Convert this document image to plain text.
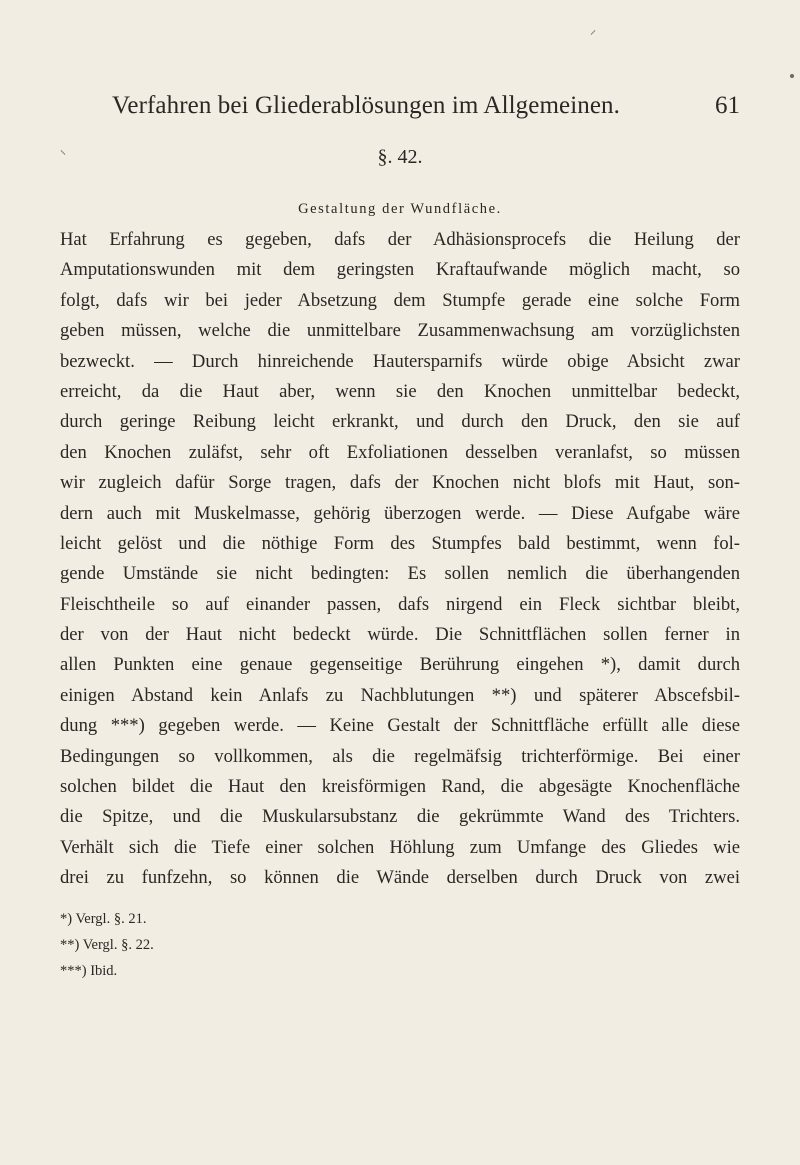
Verfahren bei Gliederablösungen im Allgemeinen.	61
§. 42.
Gestaltung der Wundfläche.
Hat Erfahrung es gegeben, dafs der Adhäsionsprocefs die Heilung der
Amputationswunden mit dem geringsten Kraftaufwande möglich macht, so
folgt, dafs wir bei jeder Absetzung dem Stumpfe gerade eine solche Form
geben müssen, welche die unmittelbare Zusammenwachsung am vorzüglichsten
bezweckt. — Durch hinreichende Hautersparnifs würde obige Absicht zwar
erreicht, da die Haut aber, wenn sie den Knochen unmittelbar bedeckt,
durch geringe Reibung leicht erkrankt, und durch den Druck, den sie auf
den Knochen zuläfst, sehr oft Exfoliationen desselben veranlafst, so müssen
wir zugleich dafür Sorge tragen, dafs der Knochen nicht blofs mit Haut, son-
dern auch mit Muskelmasse, gehörig überzogen werde. — Diese Aufgabe wäre
leicht gelöst und die nöthige Form des Stumpfes bald bestimmt, wenn fol-
gende Umstände sie nicht bedingten: Es sollen nemlich die überhangenden
Fleischtheile so auf einander passen, dafs nirgend ein Fleck sichtbar bleibt,
der von der Haut nicht bedeckt würde. Die Schnittflächen sollen ferner in
allen Punkten eine genaue gegenseitige Berührung eingehen *), damit durch
einigen Abstand kein Anlafs zu Nachblutungen **) und späterer Abscefsbil-
dung ***) gegeben werde. — Keine Gestalt der Schnittfläche erfüllt alle diese
Bedingungen so vollkommen, als die regelmäfsig trichterförmige. Bei einer
solchen bildet die Haut den kreisförmigen Rand, die abgesägte Knochenfläche
die Spitze, und die Muskularsubstanz die gekrümmte Wand des Trichters.
Verhält sich die Tiefe einer solchen Höhlung zum Umfange des Gliedes wie
drei zu funfzehn, so können die Wände derselben durch Druck von zwei
*) Vergl. §. 21.
**) Vergl. §. 22.
***) Ibid.
